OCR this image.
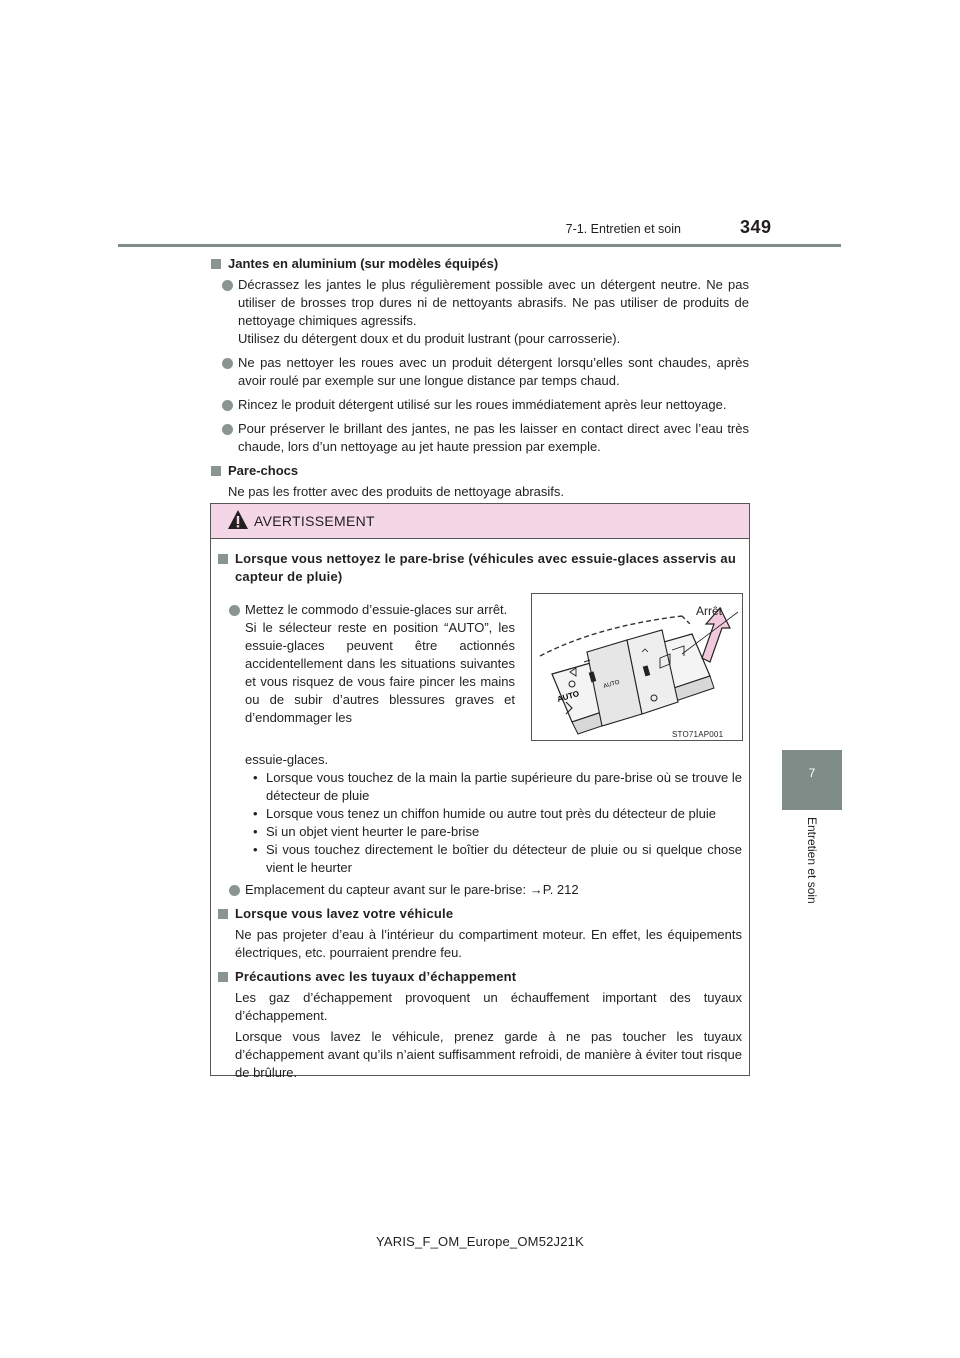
7-1. Entretien et soin	349
7
Entretien et soin
Jantes en aluminium (sur modèles équipés)
Décrassez les jantes le plus régulièrement possible avec un détergent neutre. Ne pas utiliser de brosses trop dures ni de nettoyants abrasifs. Ne pas utiliser de produits de nettoyage chimiques agressifs.
Utilisez du détergent doux et du produit lustrant (pour carrosserie).
Ne pas nettoyer les roues avec un produit détergent lorsqu’elles sont chaudes, après avoir roulé par exemple sur une longue distance par temps chaud.
Rincez le produit détergent utilisé sur les roues immédiatement après leur nettoyage.
Pour préserver le brillant des jantes, ne pas les laisser en contact direct avec l’eau très chaude, lors d’un nettoyage au jet haute pression par exemple.
Pare-chocs
Ne pas les frotter avec des produits de nettoyage abrasifs.
AVERTISSEMENT
Lorsque vous nettoyez le pare-brise (véhicules avec essuie-glaces asservis au capteur de pluie)
Mettez le commodo d’essuie-glaces sur arrêt.
Si le sélecteur reste en position “AUTO”, les essuie-glaces peuvent être actionnés accidentellement dans les situations suivantes et vous risquez de vous faire pincer les mains ou de subir d’autres blessures graves et d’endommager les
AUTO
AUTO
Arrêt
STO71AP001
essuie-glaces.
• Lorsque vous touchez de la main la partie supérieure du pare-brise où se trouve le détecteur de pluie
• Lorsque vous tenez un chiffon humide ou autre tout près du détecteur de pluie
• Si un objet vient heurter le pare-brise
• Si vous touchez directement le boîtier du détecteur de pluie ou si quelque chose vient le heurter
Emplacement du capteur avant sur le pare-brise: →P. 212
Lorsque vous lavez votre véhicule
Ne pas projeter d’eau à l’intérieur du compartiment moteur. En effet, les équipements électriques, etc. pourraient prendre feu.
Précautions avec les tuyaux d’échappement
Les gaz d’échappement provoquent un échauffement important des tuyaux d’échappement.
Lorsque vous lavez le véhicule, prenez garde à ne pas toucher les tuyaux d’échappement avant qu’ils n’aient suffisamment refroidi, de manière à éviter tout risque de brûlure.
YARIS_F_OM_Europe_OM52J21K
